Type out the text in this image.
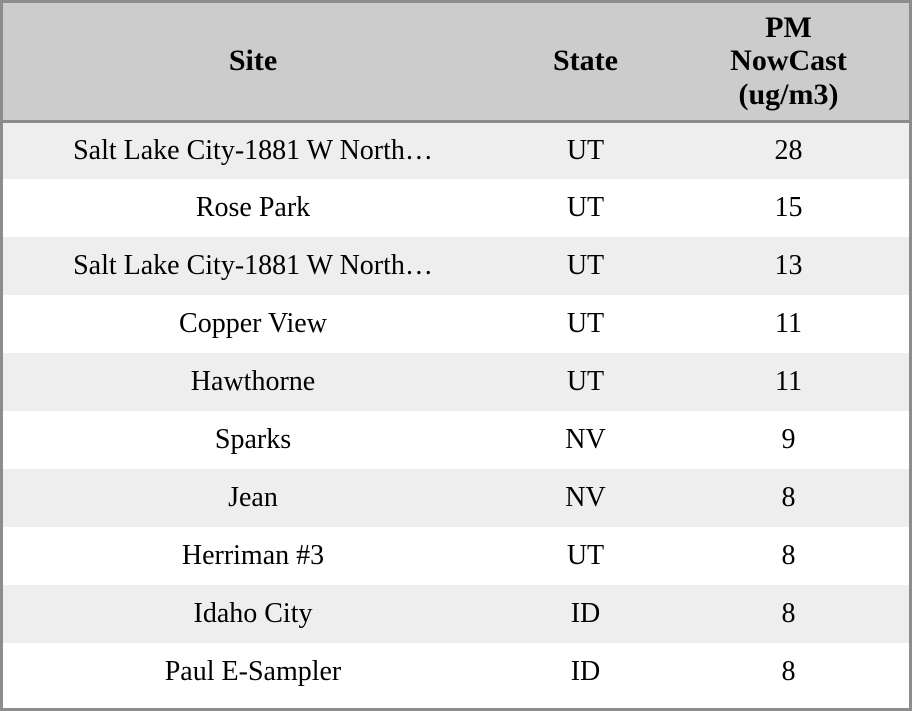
Site	State	PM
NowCast
(ug/m3)

Salt Lake City-1881 W North…	UT	28
Rose Park	UT	15
Salt Lake City-1881 W North…	UT	13
Copper View	UT	11
Hawthorne	UT	11
Sparks	NV	9
Jean	NV	8
Herriman #3	UT	8
Idaho City	ID	8
Paul E-Sampler	ID	8
